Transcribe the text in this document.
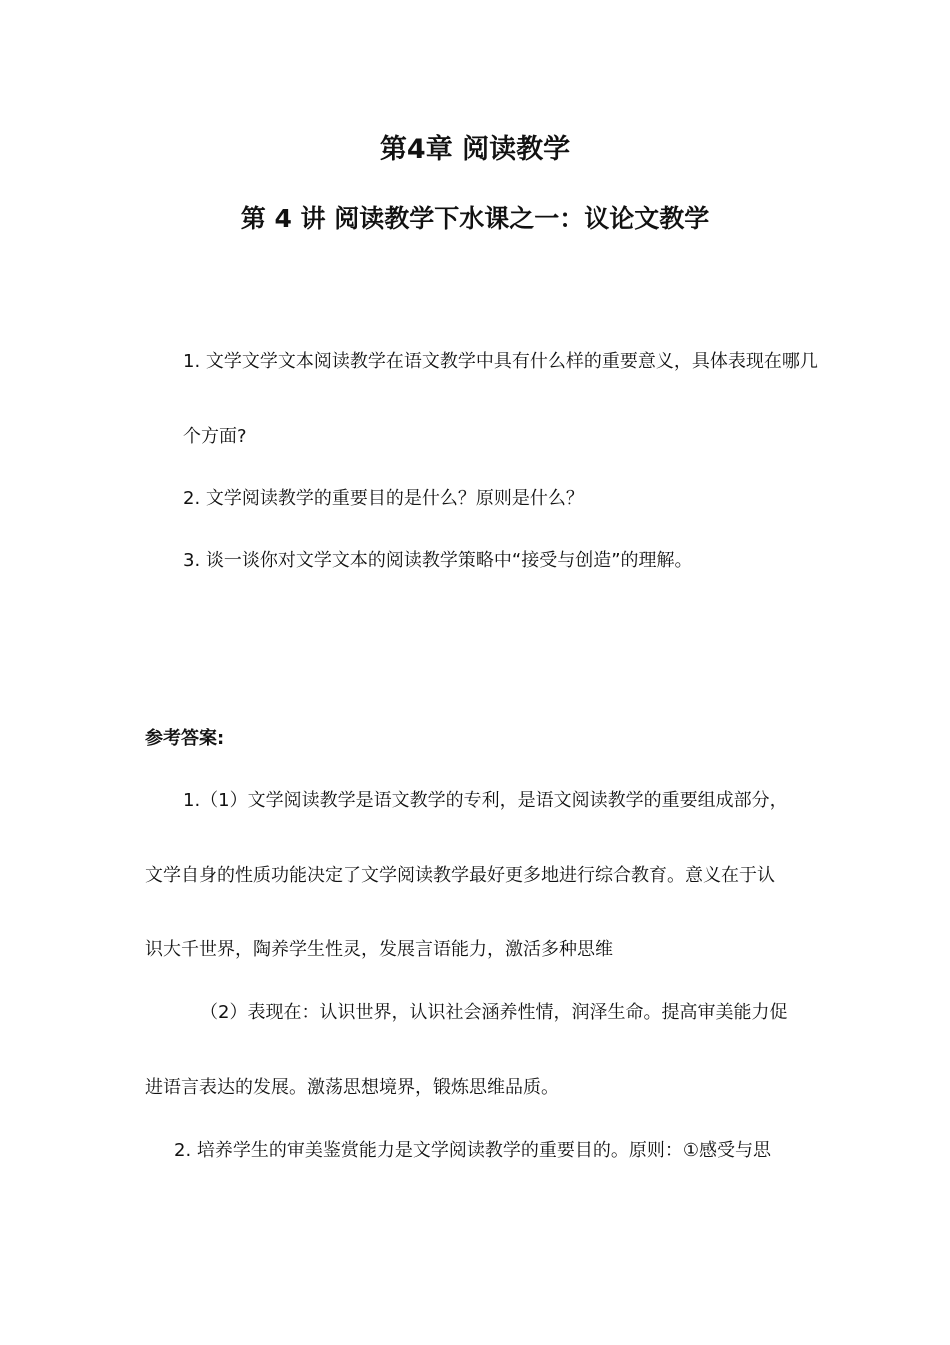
第4章 阅读教学
第 4 讲 阅读教学下水课之一：议论文教学
1. 文学文学文本阅读教学在语文教学中具有什么样的重要意义，具体表现在哪几
个方面?
2. 文学阅读教学的重要目的是什么？原则是什么？
3. 谈一谈你对文学文本的阅读教学策略中“接受与创造”的理解。
参考答案:
1.（1）文学阅读教学是语文教学的专利，是语文阅读教学的重要组成部分，
文学自身的性质功能决定了文学阅读教学最好更多地进行综合教育。意义在于认
识大千世界，陶养学生性灵，发展言语能力，激活多种思维
（2）表现在：认识世界，认识社会涵养性情，润泽生命。提高审美能力促
进语言表达的发展。激荡思想境界，锻炼思维品质。
2. 培养学生的审美鉴赏能力是文学阅读教学的重要目的。原则：①感受与思
